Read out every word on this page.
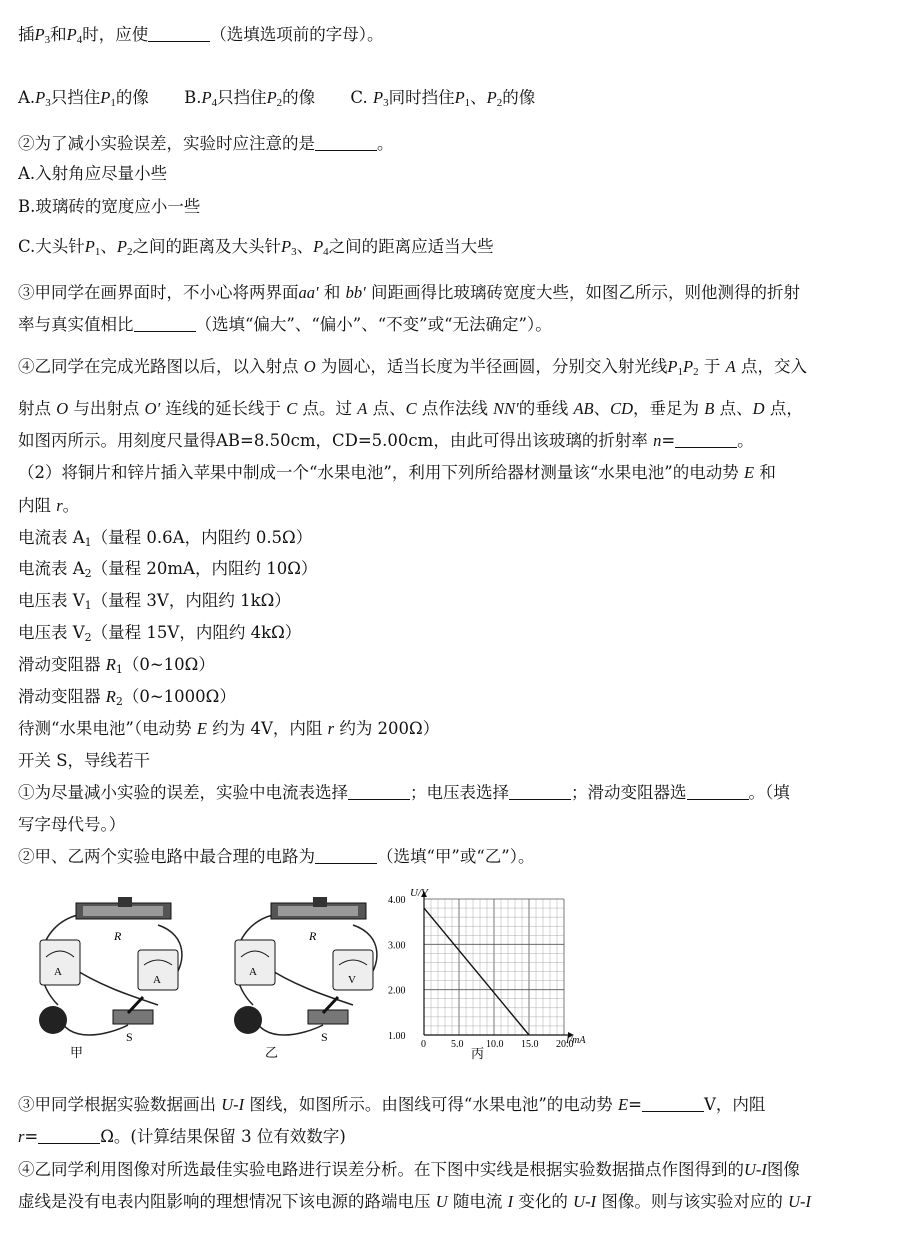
插$P_3$和$P_4$时，应使	（选填选项前的字母）。
$A.P_3$只挡住$P_1$的像 $B.P_4$只挡住$P_2$的像 C. $P_3$同时挡住$P_1$、$P_2$的像
②为了减小实验误差，实验时应注意的是	。
A.入射角应尽量小些
B.玻璃砖的宽度应小一些
C.大头针$P_1$、$P_2$之间的距离及大头针$P_3$、$P_4$之间的距离应适当大些
③甲同学在画界面时，不小心将两界面aa′ 和 bb′ 间距画得比玻璃砖宽度大些，如图乙所示，则他测得的折射
率与真实值相比	（选填“偏大”、“偏小”、“不变”或“无法确定”）。
④乙同学在完成光路图以后，以入射点 O 为圆心，适当长度为半径画圆，分别交入射光线$P_1P_2$ 于 A 点，交入
射点 O 与出射点 O′ 连线的延长线于 C 点。过 A 点、C 点作法线 NN′的垂线 AB、CD，垂足为 B 点、D 点，
如图丙所示。用刻度尺量得AB=8.50cm，CD=5.00cm，由此可得出该玻璃的折射率 n=	。
（2）将铜片和锌片插入苹果中制成一个“水果电池”，利用下列所给器材测量该“水果电池”的电动势 E 和
内阻 r。
电流表 $A_1$（量程 0.6A，内阻约 0.5Ω）
电流表 $A_2$（量程 20mA，内阻约 10Ω）
电压表 $V_1$（量程 3V，内阻约 1kΩ）
电压表 $V_2$（量程 15V，内阻约 4kΩ）
滑动变阻器 $R_1(0\sim 10\Omega)$
滑动变阻器 $R_2(0\sim 1000\Omega)$
待测“水果电池”（电动势 E 约为 4V，内阻 r 约为 200Ω）
开关 S，导线若干
①为尽量减小实验的误差，实验中电流表选择	；电压表选择	；滑动变阻器选	。（填
写字母代号。）
②甲、乙两个实验电路中最合理的电路为	（选填“甲”或“乙”）。
R
A
A
S
甲
R
A
V
S
乙
0	5.0 10.0 15.0 20.0
1.00
2.00
3.00
4.00
U/V
I/mA
丙
③甲同学根据实验数据画出 U-I 图线，如图所示。由图线可得“水果电池”的电动势 E=	V，内阻
r=	Ω。(计算结果保留 3 位有效数字)
④乙同学利用图像对所选最佳实验电路进行误差分析。在下图中实线是根据实验数据描点作图得到的U-I图像
虚线是没有电表内阻影响的理想情况下该电源的路端电压 U 随电流 I 变化的 U-I 图像。则与该实验对应的 U-I
